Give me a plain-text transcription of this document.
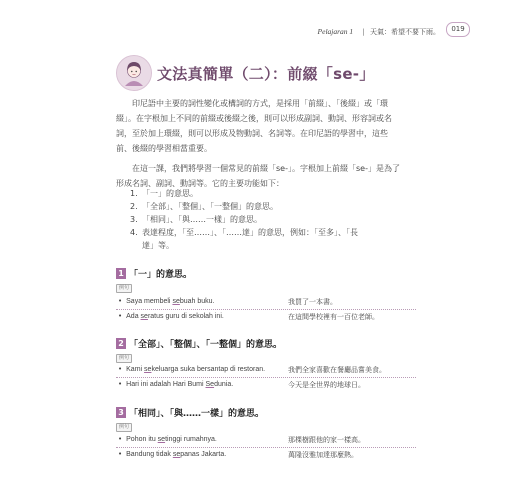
Pelajaran 1 | 天氣：希望不要下雨。	019
文法真簡單（二）：前綴「se-」
印尼語中主要的詞性變化或構詞的方式，是採用「前綴」、「後綴」或「環
綴」。在字根加上不同的前綴或後綴之後，則可以形成副詞、動詞、形容詞或名
詞，至於加上環綴，則可以形成及物動詞、名詞等。在印尼語的學習中，這些
前、後綴的學習相當重要。
在這一課，我們將學習一個常見的前綴「se-」。字根加上前綴「se-」是為了
形成名詞、副詞、動詞等。它的主要功能如下：
1. 「一」的意思。
2. 「全部」、「整個」、「一整個」的意思。
3. 「相同」、「與……一樣」的意思。
4. 表達程度，「至……」、「……達」的意思，例如：「至多」、「長
達」等。
1 「一」的意思。
例句
• Saya membeli sebuah buku.	我買了一本書。
• Ada seratus guru di sekolah ini.	在這間學校裡有一百位老師。
2 「全部」、「整個」、「一整個」的意思。
例句
• Kami sekeluarga suka bersantap di restoran.	我們全家喜歡在餐廳品嘗美食。
• Hari ini adalah Hari Bumi Sedunia.	今天是全世界的地球日。
3 「相同」、「與……一樣」的意思。
例句
• Pohon itu setinggi rumahnya.	那棵樹跟他的家一樣高。
• Bandung tidak sepanas Jakarta.	萬隆沒雅加達那麼熱。
